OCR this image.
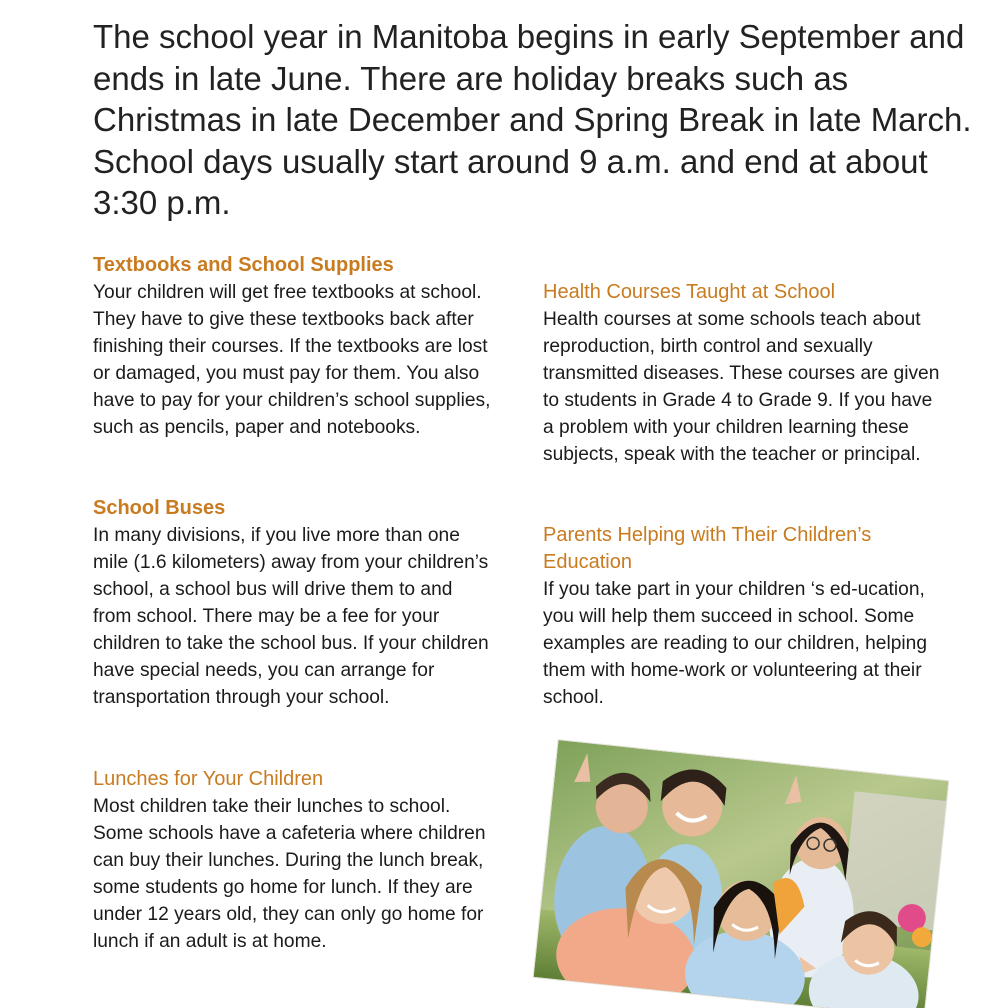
The school year in Manitoba begins in early September and ends in late June. There are holiday breaks such as Christmas in late December and Spring Break in late March. School days usually start around 9 a.m. and end at about 3:30 p.m.

Textbooks and School Supplies

Your children will get free textbooks at school. They have to give these textbooks back after finishing their courses. If the textbooks are lost or damaged, you must pay for them. You also have to pay for your children’s school supplies, such as pencils, paper and notebooks.

School Buses

In many divisions, if you live more than one mile (1.6 kilometers) away from your children’s school, a school bus will drive them to and from school. There may be a fee for your children to take the school bus. If your children have special needs, you can arrange for transportation through your school.

Lunches for Your Children

Most children take their lunches to school. Some schools have a cafeteria where children can buy their lunches. During the lunch break, some students go home for lunch. If they are under 12 years old, they can only go home for lunch if an adult is at home.

Health Courses Taught at School

Health courses at some schools teach about reproduction, birth control and sexually transmitted diseases. These courses are given to students in Grade 4 to Grade 9. If you have a problem with your children learning these subjects, speak with the teacher or principal.

Parents Helping with Their Children’s Education

If you take part in your children ‘s ed-ucation, you will help them succeed in school. Some examples are reading to our children, helping them with home-work or volunteering at their school.
